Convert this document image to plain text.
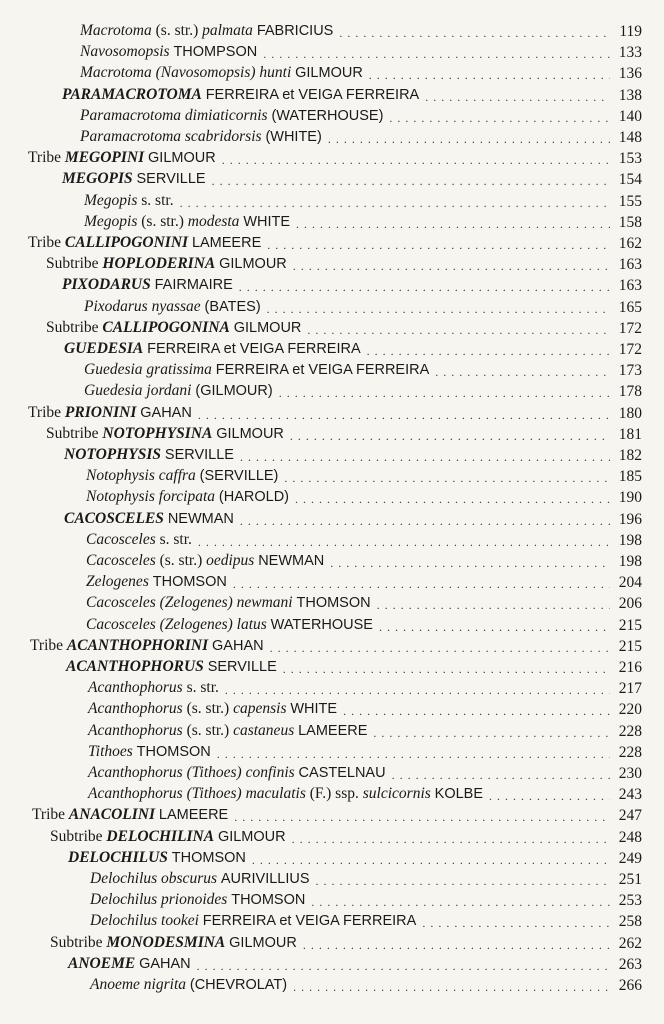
Macrotoma (s. str.) palmata FABRICIUS . . .	119
Navosomopsis THOMPSON . . .	133
Macrotoma (Navosomopsis) hunti GILMOUR . . .	136
PARAMACROTOMA FERREIRA et VEIGA FERREIRA . . .	138
Paramacrotoma dimiaticornis (WATERHOUSE) . . .	140
Paramacrotoma scabridorsis (WHITE) . . .	148
Tribe MEGOPINI GILMOUR . . .	153
MEGOPIS SERVILLE . . .	154
Megopis s. str. . . .	155
Megopis (s. str.) modesta WHITE . . .	158
Tribe CALLIPOGONINI LAMEERE . . .	162
Subtribe HOPLODERINA GILMOUR . . .	163
PIXODARUS FAIRMAIRE . . .	163
Pixodarus nyassae (BATES) . . .	165
Subtribe CALLIPOGONINA GILMOUR . . .	172
GUEDESIA FERREIRA et VEIGA FERREIRA . . .	172
Guedesia gratissima FERREIRA et VEIGA FERREIRA . . .	173
Guedesia jordani (GILMOUR) . . .	178
Tribe PRIONINI GAHAN . . .	180
Subtribe NOTOPHYSINA GILMOUR . . .	181
NOTOPHYSIS SERVILLE . . .	182
Notophysis caffra (SERVILLE) . . .	185
Notophysis forcipata (HAROLD) . . .	190
CACOSCELES NEWMAN . . .	196
Cacosceles s. str. . . .	198
Cacosceles (s. str.) oedipus NEWMAN . . .	198
Zelogenes THOMSON . . .	204
Cacosceles (Zelogenes) newmani THOMSON . . .	206
Cacosceles (Zelogenes) latus WATERHOUSE . . .	215
Tribe ACANTHOPHORINI GAHAN . . .	215
ACANTHOPHORUS SERVILLE . . .	216
Acanthophorus s. str. . . .	217
Acanthophorus (s. str.) capensis WHITE . . .	220
Acanthophorus (s. str.) castaneus LAMEERE . . .	228
Tithoes THOMSON . . .	228
Acanthophorus (Tithoes) confinis CASTELNAU . . .	230
Acanthophorus (Tithoes) maculatis (F.) ssp. sulcicornis KOLBE . . .	243
Tribe ANACOLINI LAMEERE . . .	247
Subtribe DELOCHILINA GILMOUR . . .	248
DELOCHILUS THOMSON . . .	249
Delochilus obscurus AURIVILLIUS . . .	251
Delochilus prionoides THOMSON . . .	253
Delochilus tookei FERREIRA et VEIGA FERREIRA . . .	258
Subtribe MONODESMINA GILMOUR . . .	262
ANOEME GAHAN . . .	263
Anoeme nigrita (CHEVROLAT) . . .	266
